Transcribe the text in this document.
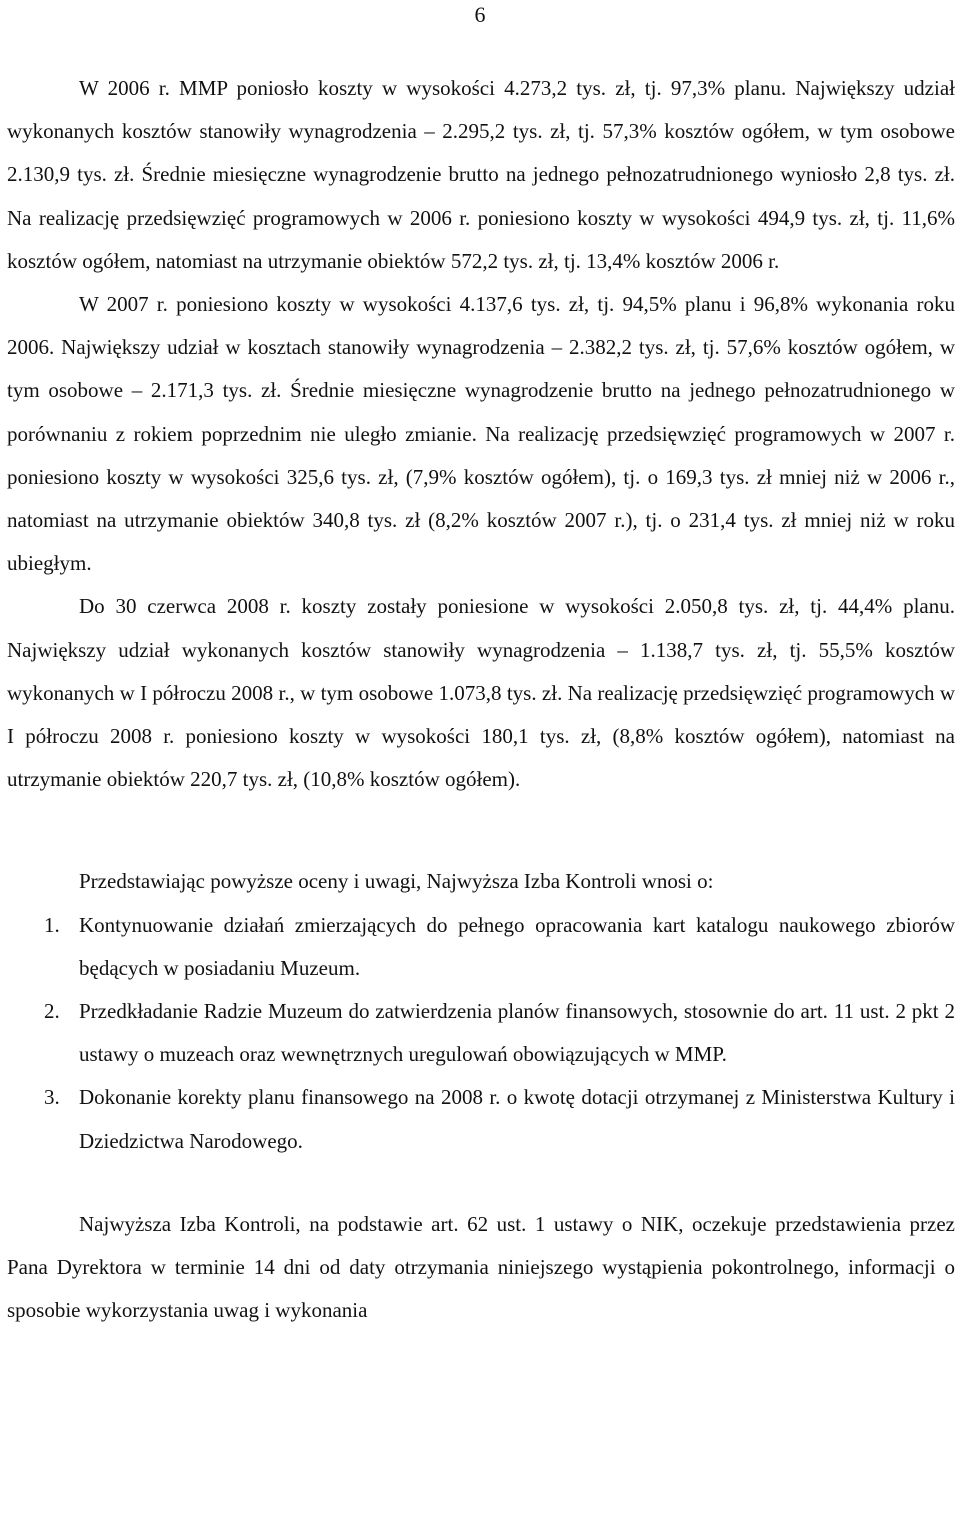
6

W 2006 r. MMP poniosło koszty w wysokości 4.273,2 tys. zł, tj. 97,3% planu. Największy udział wykonanych kosztów stanowiły wynagrodzenia – 2.295,2 tys. zł, tj. 57,3% kosztów ogółem, w tym osobowe 2.130,9 tys. zł. Średnie miesięczne wynagrodzenie brutto na jednego pełnozatrudnionego wyniosło 2,8 tys. zł. Na realizację przedsięwzięć programowych w 2006 r. poniesiono koszty w wysokości 494,9 tys. zł, tj. 11,6% kosztów ogółem, natomiast na utrzymanie obiektów 572,2 tys. zł, tj. 13,4% kosztów 2006 r.

W 2007 r. poniesiono koszty w wysokości 4.137,6 tys. zł, tj. 94,5% planu i 96,8% wykonania roku 2006. Największy udział w kosztach stanowiły wynagrodzenia – 2.382,2 tys. zł, tj. 57,6% kosztów ogółem, w tym osobowe – 2.171,3 tys. zł. Średnie miesięczne wynagrodzenie brutto na jednego pełnozatrudnionego w porównaniu z rokiem poprzednim nie uległo zmianie. Na realizację przedsięwzięć programowych w 2007 r. poniesiono koszty w wysokości 325,6 tys. zł, (7,9% kosztów ogółem), tj. o 169,3 tys. zł mniej niż w 2006 r., natomiast na utrzymanie obiektów 340,8 tys. zł (8,2% kosztów 2007 r.), tj. o 231,4 tys. zł mniej niż w roku ubiegłym.

Do 30 czerwca 2008 r. koszty zostały poniesione w wysokości 2.050,8 tys. zł, tj. 44,4% planu. Największy udział wykonanych kosztów stanowiły wynagrodzenia – 1.138,7 tys. zł, tj. 55,5% kosztów wykonanych w I półroczu 2008 r., w tym osobowe 1.073,8 tys. zł. Na realizację przedsięwzięć programowych w I półroczu 2008 r. poniesiono koszty w wysokości 180,1 tys. zł, (8,8% kosztów ogółem), natomiast na utrzymanie obiektów 220,7 tys. zł, (10,8% kosztów ogółem).

Przedstawiając powyższe oceny i uwagi, Najwyższa Izba Kontroli wnosi o:

1. Kontynuowanie działań zmierzających do pełnego opracowania kart katalogu naukowego zbiorów będących w posiadaniu Muzeum.
2. Przedkładanie Radzie Muzeum do zatwierdzenia planów finansowych, stosownie do art. 11 ust. 2 pkt 2 ustawy o muzeach oraz wewnętrznych uregulowań obowiązujących w MMP.
3. Dokonanie korekty planu finansowego na 2008 r. o kwotę dotacji otrzymanej z Ministerstwa Kultury i Dziedzictwa Narodowego.

Najwyższa Izba Kontroli, na podstawie art. 62 ust. 1 ustawy o NIK, oczekuje przedstawienia przez Pana Dyrektora w terminie 14 dni od daty otrzymania niniejszego wystąpienia pokontrolnego, informacji o sposobie wykorzystania uwag i wykonania
